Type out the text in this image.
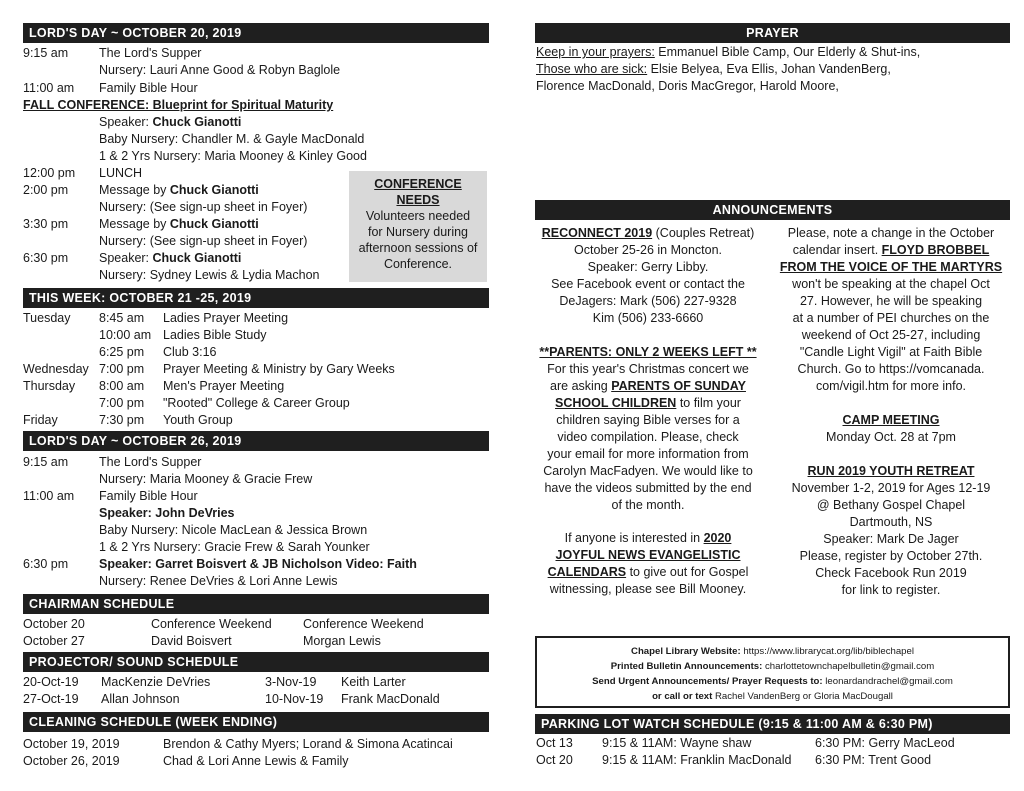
LORD'S DAY ~ OCTOBER 20, 2019
9:15 am The Lord's Supper
Nursery: Lauri Anne Good & Robyn Baglole
11:00 am Family Bible Hour
FALL CONFERENCE: Blueprint for Spiritual Maturity
Speaker: Chuck Gianotti
Baby Nursery: Chandler M. & Gayle MacDonald
1 & 2 Yrs Nursery: Maria Mooney & Kinley Good
12:00 pm LUNCH
2:00 pm Message by Chuck Gianotti
Nursery: (See sign-up sheet in Foyer)
3:30 pm Message by Chuck Gianotti
Nursery: (See sign-up sheet in Foyer)
6:30 pm Speaker: Chuck Gianotti
Nursery: Sydney Lewis & Lydia Machon
CONFERENCE
NEEDS
Volunteers needed
for Nursery during
afternoon sessions of
Conference.
THIS WEEK: OCTOBER 21 -25, 2019
Tuesday 8:45 am Ladies Prayer Meeting
10:00 am Ladies Bible Study
6:25 pm Club 3:16
Wednesday 7:00 pm Prayer Meeting & Ministry by Gary Weeks
Thursday 8:00 am Men's Prayer Meeting
7:00 pm "Rooted" College & Career Group
Friday	7:30 pm Youth Group
LORD'S DAY ~ OCTOBER 26, 2019
9:15 am The Lord's Supper
Nursery: Maria Mooney & Gracie Frew
11:00 am Family Bible Hour
Speaker: John DeVries
Baby Nursery: Nicole MacLean & Jessica Brown
1 & 2 Yrs Nursery: Gracie Frew & Sarah Younker
6:30 pm Speaker: Garret Boisvert & JB Nicholson Video: Faith
Nursery: Renee DeVries & Lori Anne Lewis
CHAIRMAN SCHEDULE
October 20	Conference Weekend	Conference Weekend
October 27	David Boisvert	Morgan Lewis
PROJECTOR/ SOUND SCHEDULE
20-Oct-19 MacKenzie DeVries	3-Nov-19 Keith Larter
27-Oct-19 Allan Johnson	10-Nov-19 Frank MacDonald
CLEANING SCHEDULE (WEEK ENDING)
October 19, 2019	Brendon & Cathy Myers; Lorand & Simona Acatincai
October 26, 2019	Chad & Lori Anne Lewis & Family
PRAYER
Keep in your prayers: Emmanuel Bible Camp, Our Elderly & Shut-ins,
Those who are sick: Elsie Belyea, Eva Ellis, Johan VandenBerg,
Florence MacDonald, Doris MacGregor, Harold Moore,
ANNOUNCEMENTS
RECONNECT 2019 (Couples Retreat)
October 25-26 in Moncton.
Speaker: Gerry Libby.
See Facebook event or contact the
DeJagers: Mark (506) 227-9328
Kim (506) 233-6660
**PARENTS: ONLY 2 WEEKS LEFT **
For this year's Christmas concert we
are asking PARENTS OF SUNDAY
SCHOOL CHILDREN to film your
children saying Bible verses for a
video compilation. Please, check
your email for more information from
Carolyn MacFadyen. We would like to
have the videos submitted by the end
of the month.
If anyone is interested in 2020
JOYFUL NEWS EVANGELISTIC
CALENDARS to give out for Gospel
witnessing, please see Bill Mooney.
Please, note a change in the October
calendar insert. FLOYD BROBBEL
FROM THE VOICE OF THE MARTYRS
won't be speaking at the chapel Oct
27. However, he will be speaking
at a number of PEI churches on the
weekend of Oct 25-27, including
"Candle Light Vigil" at Faith Bible
Church. Go to https://vomcanada.
com/vigil.htm for more info.
CAMP MEETING
Monday Oct. 28 at 7pm
RUN 2019 YOUTH RETREAT
November 1-2, 2019 for Ages 12-19
@ Bethany Gospel Chapel
Dartmouth, NS
Speaker: Mark De Jager
Please, register by October 27th.
Check Facebook Run 2019
for link to register.
Chapel Library Website: https://www.librarycat.org/lib/biblechapel
Printed Bulletin Announcements: charlottetownchapelbulletin@gmail.com
Send Urgent Announcements/ Prayer Requests to: leonardandrachel@gmail.com
or call or text Rachel VandenBerg or Gloria MacDougall
PARKING LOT WATCH SCHEDULE (9:15 & 11:00 AM & 6:30 PM)
Oct 13 9:15 & 11AM: Wayne shaw	6:30 PM: Gerry MacLeod
Oct 20 9:15 & 11AM: Franklin MacDonald 6:30 PM: Trent Good
